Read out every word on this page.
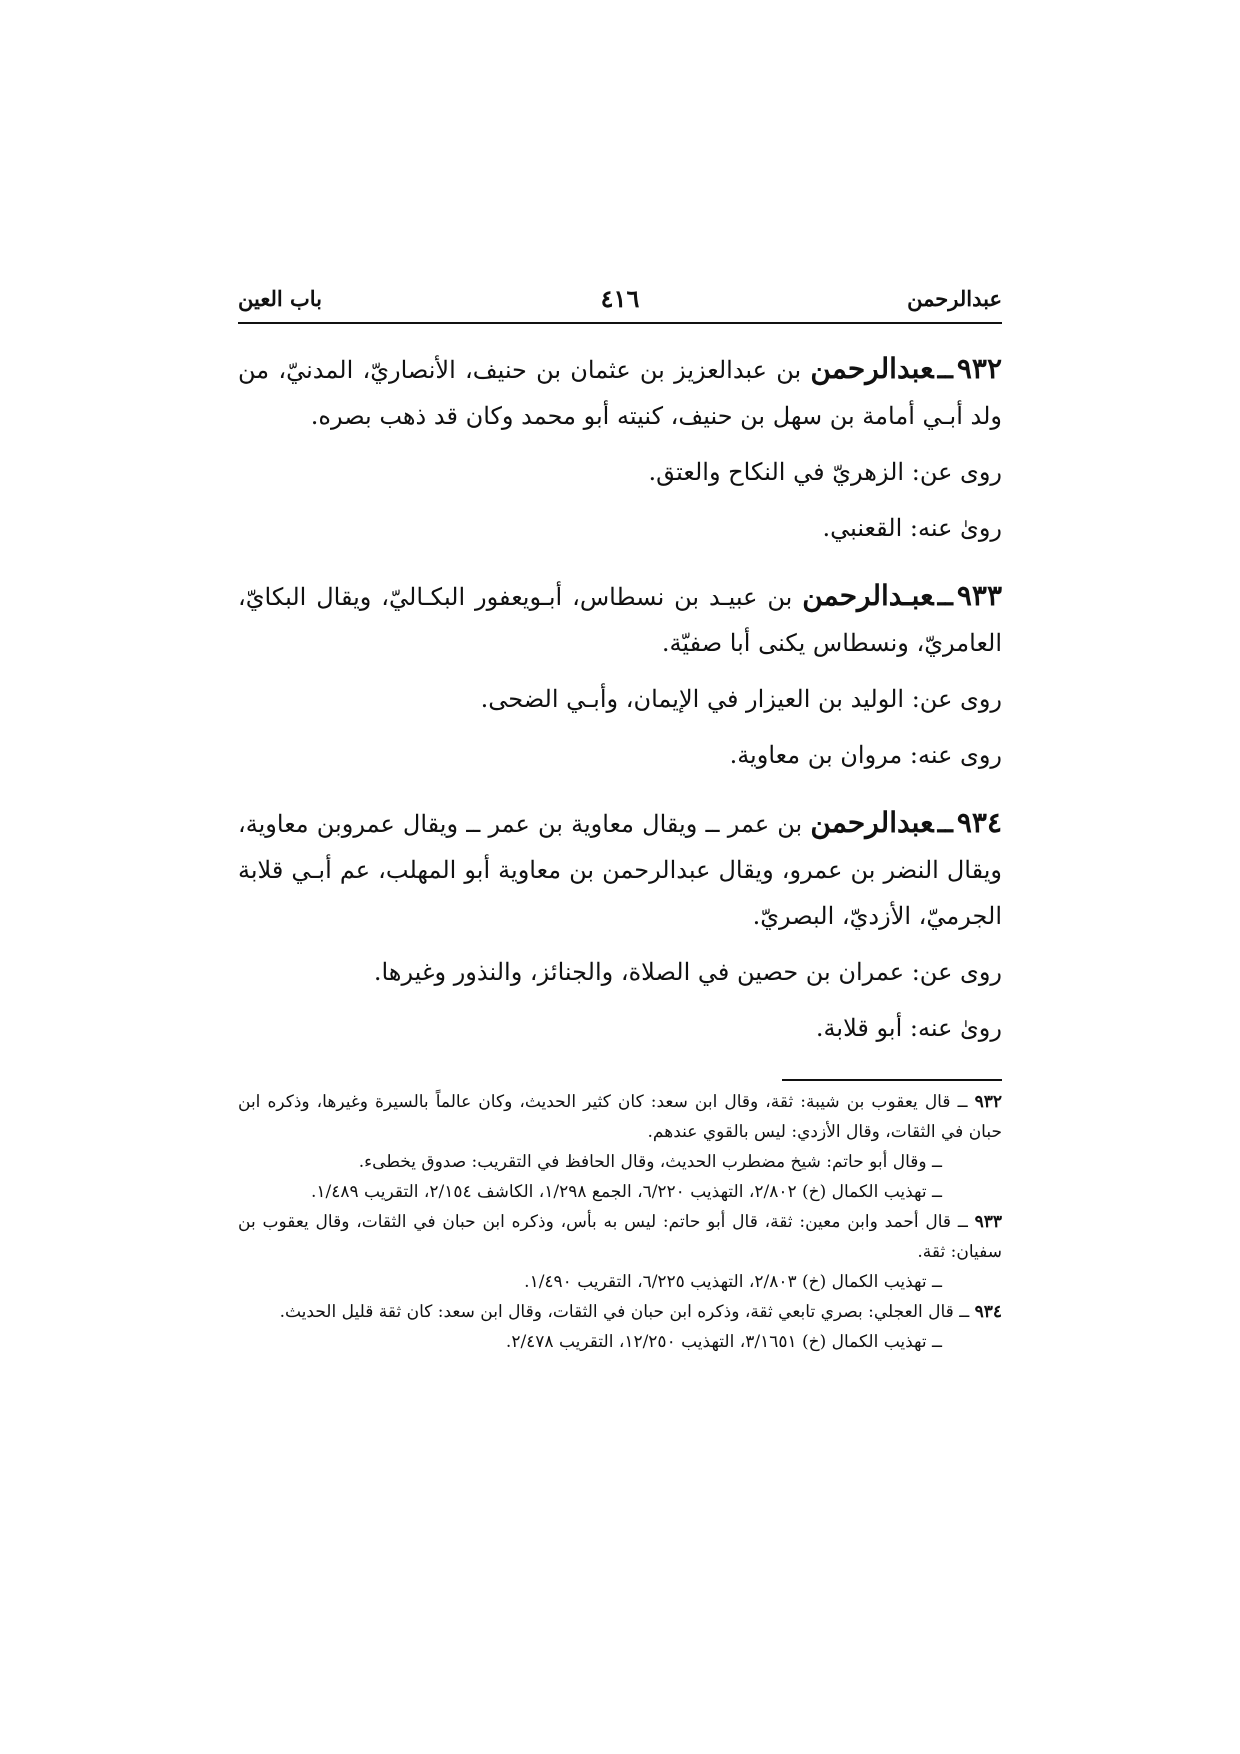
عبدالرحمن
٤١٦
باب العين

٩٣٢ــعبدالرحمن بن عبدالعزيز بن عثمان بن حنيف، الأنصاريّ، المدنيّ، من ولد أبـي أمامة بن سهل بن حنيف، كنيته أبو محمد وكان قد ذهب بصره.

روى عن: الزهريّ في النكاح والعتق.

روىٰ عنه: القعنبي.

٩٣٣ــعبـدالرحمن بن عبيـد بن نسطاس، أبـويعفور البكـاليّ، ويقال البكايّ، العامريّ، ونسطاس يكنى أبا صفيّة.

روى عن: الوليد بن العيزار في الإيمان، وأبـي الضحى.

روى عنه: مروان بن معاوية.

٩٣٤ــعبدالرحمن بن عمر ــ ويقال معاوية بن عمر ــ ويقال عمروبن معاوية، ويقال النضر بن عمرو، ويقال عبدالرحمن بن معاوية أبو المهلب، عم أبـي قلابة الجرميّ، الأزديّ، البصريّ.

روى عن: عمران بن حصين في الصلاة، والجنائز، والنذور وغيرها.

روىٰ عنه: أبو قلابة.

٩٣٢ ــ قال يعقوب بن شيبة: ثقة، وقال ابن سعد: كان كثير الحديث، وكان عالماً بالسيرة وغيرها، وذكره ابن حبان في الثقات، وقال الأزدي: ليس بالقوي عندهم.
ــ وقال أبو حاتم: شيخ مضطرب الحديث، وقال الحافظ في التقريب: صدوق يخطىء.
ــ تهذيب الكمال (خ) ٢/٨٠٢، التهذيب ٦/٢٢٠، الجمع ١/٢٩٨، الكاشف ٢/١٥٤، التقريب ١/٤٨٩.
٩٣٣ ــ قال أحمد وابن معين: ثقة، قال أبو حاتم: ليس به بأس، وذكره ابن حبان في الثقات، وقال يعقوب بن سفيان: ثقة.
ــ تهذيب الكمال (خ) ٢/٨٠٣، التهذيب ٦/٢٢٥، التقريب ١/٤٩٠.
٩٣٤ ــ قال العجلي: بصري تابعي ثقة، وذكره ابن حبان في الثقات، وقال ابن سعد: كان ثقة قليل الحديث.
ــ تهذيب الكمال (خ) ٣/١٦٥١، التهذيب ١٢/٢٥٠، التقريب ٢/٤٧٨.
